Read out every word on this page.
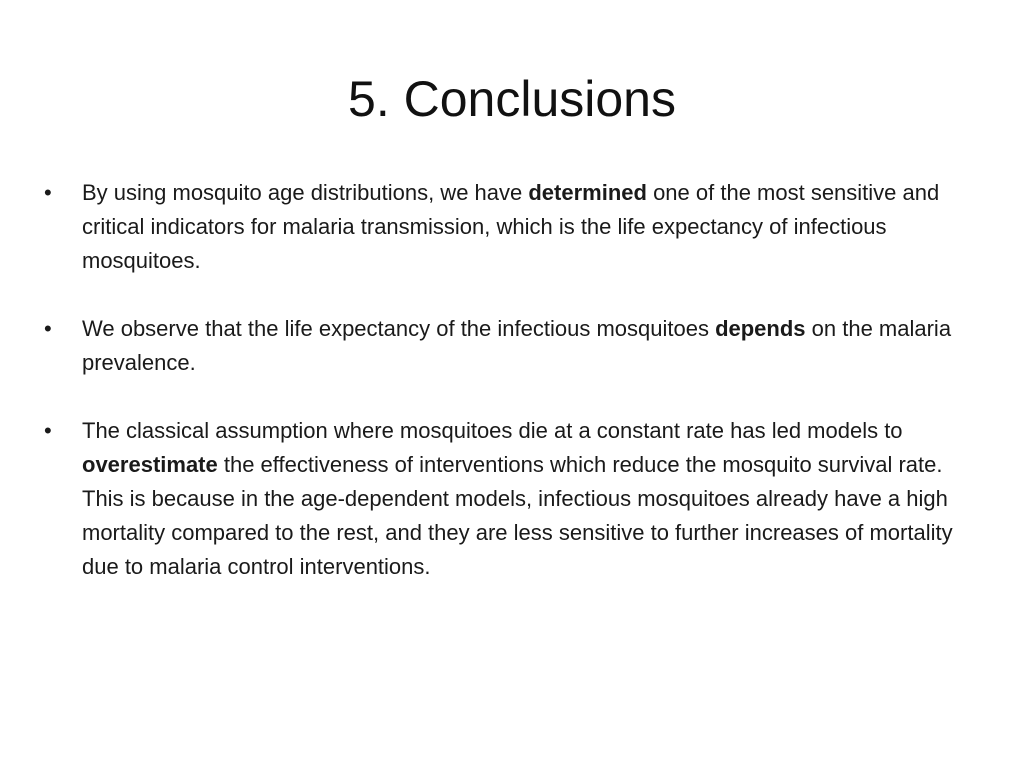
5. Conclusions
•	By using mosquito age distributions, we have determined one of the most sensitive and critical indicators for malaria transmission, which is the life expectancy of infectious mosquitoes.
•	We observe that the life expectancy of the infectious mosquitoes depends on the malaria prevalence.
•	The classical assumption where mosquitoes die at a constant rate has led models to overestimate the effectiveness of interventions which reduce the mosquito survival rate. This is because in the age-dependent models, infectious mosquitoes already have a high mortality compared to the rest, and they are less sensitive to further increases of mortality due to malaria control interventions.
